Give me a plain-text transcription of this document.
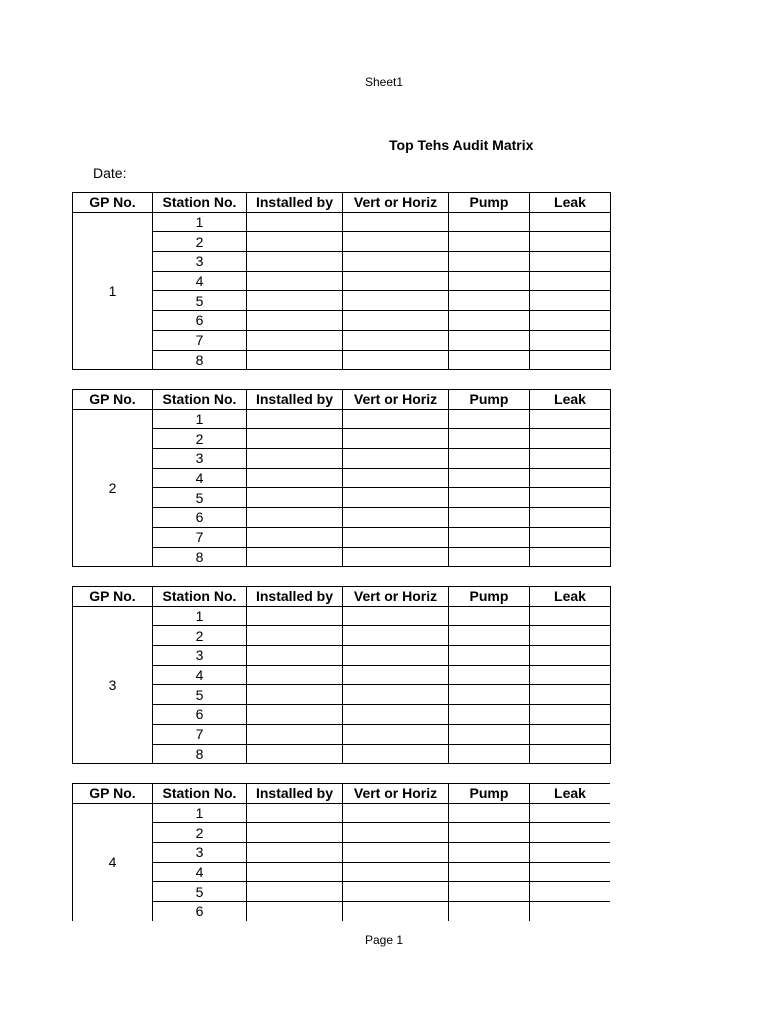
Sheet1
Top Tehs Audit Matrix
Date:
GP No.	Station No.	Installed by	Vert or Horiz	Pump	Leak
1	1				
	2				
	3				
	4				
	5				
	6				
	7				
	8				
GP No.	Station No.	Installed by	Vert or Horiz	Pump	Leak
2	1				
	2				
	3				
	4				
	5				
	6				
	7				
	8				
GP No.	Station No.	Installed by	Vert or Horiz	Pump	Leak
3	1				
	2				
	3				
	4				
	5				
	6				
	7				
	8				
GP No.	Station No.	Installed by	Vert or Horiz	Pump	Leak
4	1				
	2				
	3				
	4				
	5				
	6				
Page 1
